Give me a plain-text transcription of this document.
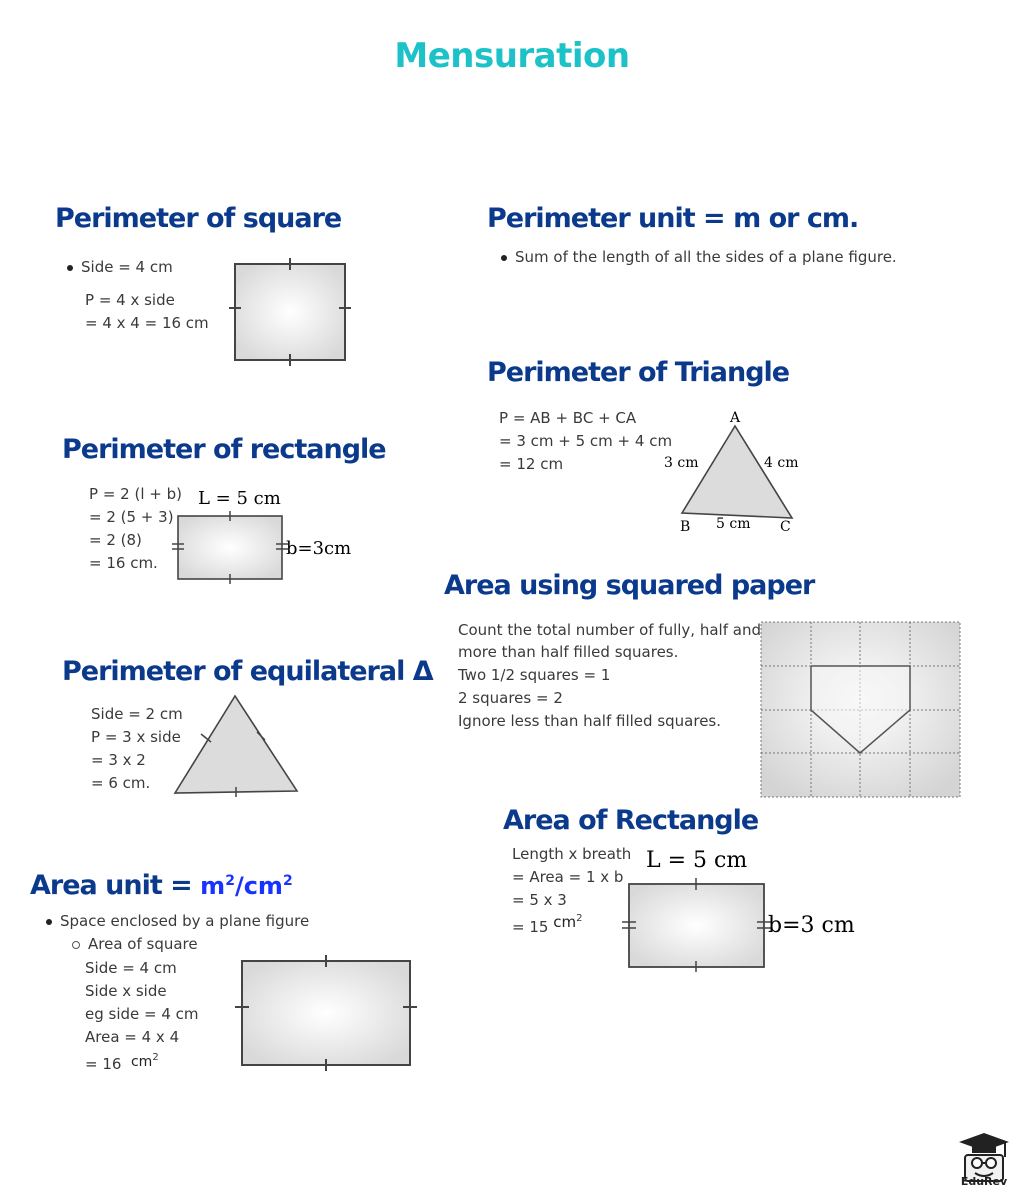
Mensuration
Perimeter of square
Side = 4 cm
P = 4 x side
= 4 x 4 = 16 cm
Perimeter unit = m or cm.
Sum of the length of all the sides of a plane figure.
Perimeter of Triangle
P = AB + BC + CA
= 3 cm + 5 cm + 4 cm
= 12 cm
A
B	C
3 cm	4 cm
5 cm
Perimeter of rectangle
P = 2 (l + b)
= 2 (5 + 3)
= 2 (8)
= 16 cm.
L = 5 cm
b=3cm
Area using squared paper
Count the total number of fully, half and
more than half filled squares.
Two 1/2 squares = 1
2 squares = 2
Ignore less than half filled squares.
Perimeter of equilateral Δ
Side = 2 cm
P = 3 x side
= 3 x 2
= 6 cm.
Area of Rectangle
Length x breath
= Area = 1 x b
= 5 x 3
= 15 $cm^2$
L = 5 cm
b=3 cm
Area unit = $m^2/cm^2$
Space enclosed by a plane figure
Area of square
Side = 4 cm
Side x side
eg side = 4 cm
Area = 4 x 4
= 16 $cm^2$
EduRev
